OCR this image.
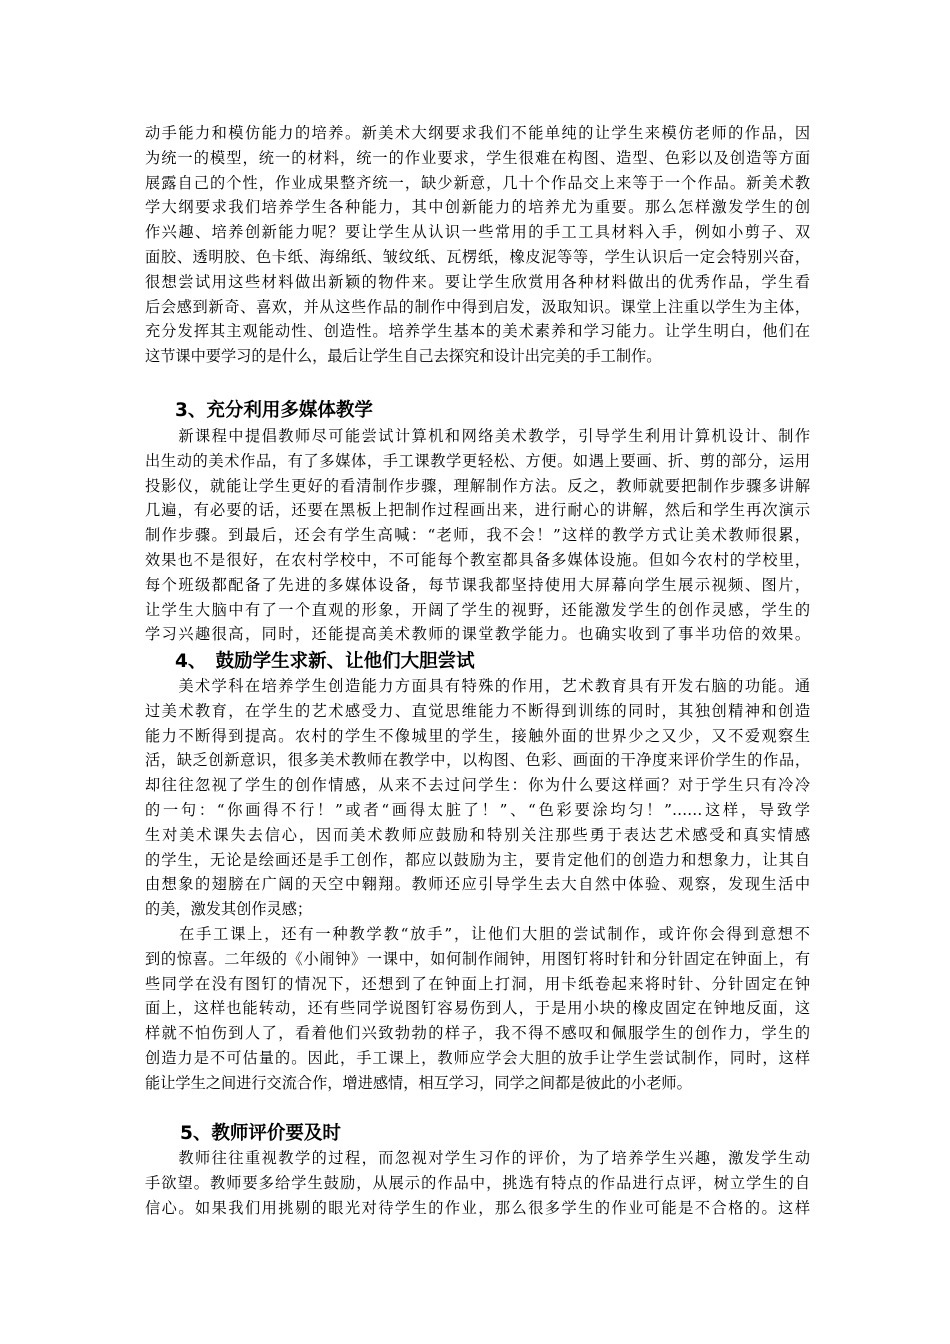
动手能力和模仿能力的培养。新美术大纲要求我们不能单纯的让学生来模仿老师的作品，因
为统一的模型，统一的材料，统一的作业要求，学生很难在构图、造型、色彩以及创造等方面
展露自己的个性，作业成果整齐统一，缺少新意，几十个作品交上来等于一个作品。新美术教
学大纲要求我们培养学生各种能力，其中创新能力的培养尤为重要。那么怎样激发学生的创
作兴趣、培养创新能力呢？要让学生从认识一些常用的手工工具材料入手，例如小剪子、双
面胶、透明胶、色卡纸、海绵纸、皱纹纸、瓦楞纸，橡皮泥等等，学生认识后一定会特别兴奋，
很想尝试用这些材料做出新颖的物件来。要让学生欣赏用各种材料做出的优秀作品，学生看
后会感到新奇、喜欢，并从这些作品的制作中得到启发，汲取知识。课堂上注重以学生为主体，
充分发挥其主观能动性、创造性。培养学生基本的美术素养和学习能力。让学生明白，他们在
这节课中要学习的是什么，最后让学生自己去探究和设计出完美的手工制作。
3、充分利用多媒体教学
　　新课程中提倡教师尽可能尝试计算机和网络美术教学，引导学生利用计算机设计、制作
出生动的美术作品，有了多媒体，手工课教学更轻松、方便。如遇上要画、折、剪的部分，运用
投影仪，就能让学生更好的看清制作步骤，理解制作方法。反之，教师就要把制作步骤多讲解
几遍，有必要的话，还要在黑板上把制作过程画出来，进行耐心的讲解，然后和学生再次演示
制作步骤。到最后，还会有学生高喊：“老师，我不会！”这样的教学方式让美术教师很累，
效果也不是很好，在农村学校中，不可能每个教室都具备多媒体设施。但如今农村的学校里，
每个班级都配备了先进的多媒体设备，每节课我都坚持使用大屏幕向学生展示视频、图片，
让学生大脑中有了一个直观的形象，开阔了学生的视野，还能激发学生的创作灵感，学生的
学习兴趣很高，同时，还能提高美术教师的课堂教学能力。也确实收到了事半功倍的效果。
4、　鼓励学生求新、让他们大胆尝试
　　美术学科在培养学生创造能力方面具有特殊的作用，艺术教育具有开发右脑的功能。通
过美术教育，在学生的艺术感受力、直觉思维能力不断得到训练的同时，其独创精神和创造
能力不断得到提高。农村的学生不像城里的学生，接触外面的世界少之又少，又不爱观察生
活，缺乏创新意识，很多美术教师在教学中，以构图、色彩、画面的干净度来评价学生的作品，
却往往忽视了学生的创作情感，从来不去过问学生：你为什么要这样画？对于学生只有冷冷
的一句：“你画得不行！”或者“画得太脏了！”、“色彩要涂均匀！”……这样，导致学
生对美术课失去信心，因而美术教师应鼓励和特别关注那些勇于表达艺术感受和真实情感
的学生，无论是绘画还是手工创作，都应以鼓励为主，要肯定他们的创造力和想象力，让其自
由想象的翅膀在广阔的天空中翱翔。教师还应引导学生去大自然中体验、观察，发现生活中
的美，激发其创作灵感；
　　在手工课上，还有一种教学教“放手”，让他们大胆的尝试制作，或许你会得到意想不
到的惊喜。二年级的《小闹钟》一课中，如何制作闹钟，用图钉将时针和分针固定在钟面上，有
些同学在没有图钉的情况下，还想到了在钟面上打洞，用卡纸卷起来将时针、分针固定在钟
面上，这样也能转动，还有些同学说图钉容易伤到人，于是用小块的橡皮固定在钟地反面，这
样就不怕伤到人了，看着他们兴致勃勃的样子，我不得不感叹和佩服学生的创作力，学生的
创造力是不可估量的。因此，手工课上，教师应学会大胆的放手让学生尝试制作，同时，这样
能让学生之间进行交流合作，增进感情，相互学习，同学之间都是彼此的小老师。
5、教师评价要及时
　　教师往往重视教学的过程，而忽视对学生习作的评价，为了培养学生兴趣，激发学生动
手欲望。教师要多给学生鼓励，从展示的作品中，挑选有特点的作品进行点评，树立学生的自
信心。如果我们用挑剔的眼光对待学生的作业，那么很多学生的作业可能是不合格的。这样
